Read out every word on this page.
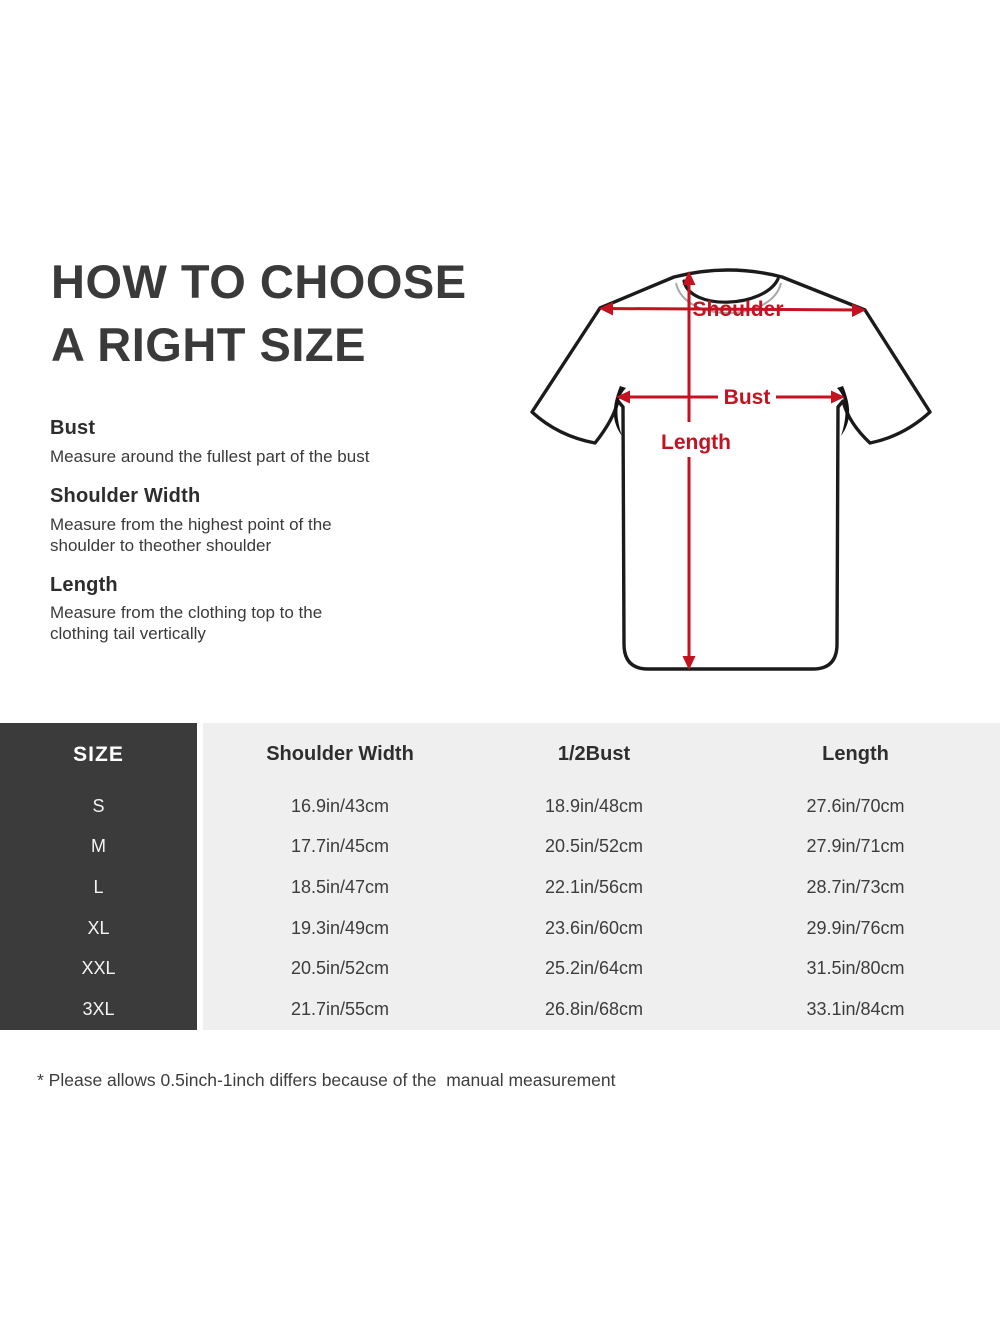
HOW TO CHOOSE
A RIGHT SIZE
Bust
Measure around the fullest part of the bust
Shoulder Width
Measure from the highest point of the
shoulder to theother shoulder
Length
Measure from the clothing top to the
clothing tail vertically
Shoulder
Bust
Length
SIZE	Shoulder Width	1/2Bust	Length
S	16.9in/43cm	18.9in/48cm	27.6in/70cm
M	17.7in/45cm	20.5in/52cm	27.9in/71cm
L	18.5in/47cm	22.1in/56cm	28.7in/73cm
XL	19.3in/49cm	23.6in/60cm	29.9in/76cm
XXL	20.5in/52cm	25.2in/64cm	31.5in/80cm
3XL	21.7in/55cm	26.8in/68cm	33.1in/84cm
* Please allows 0.5inch-1inch differs because of the  manual measurement
